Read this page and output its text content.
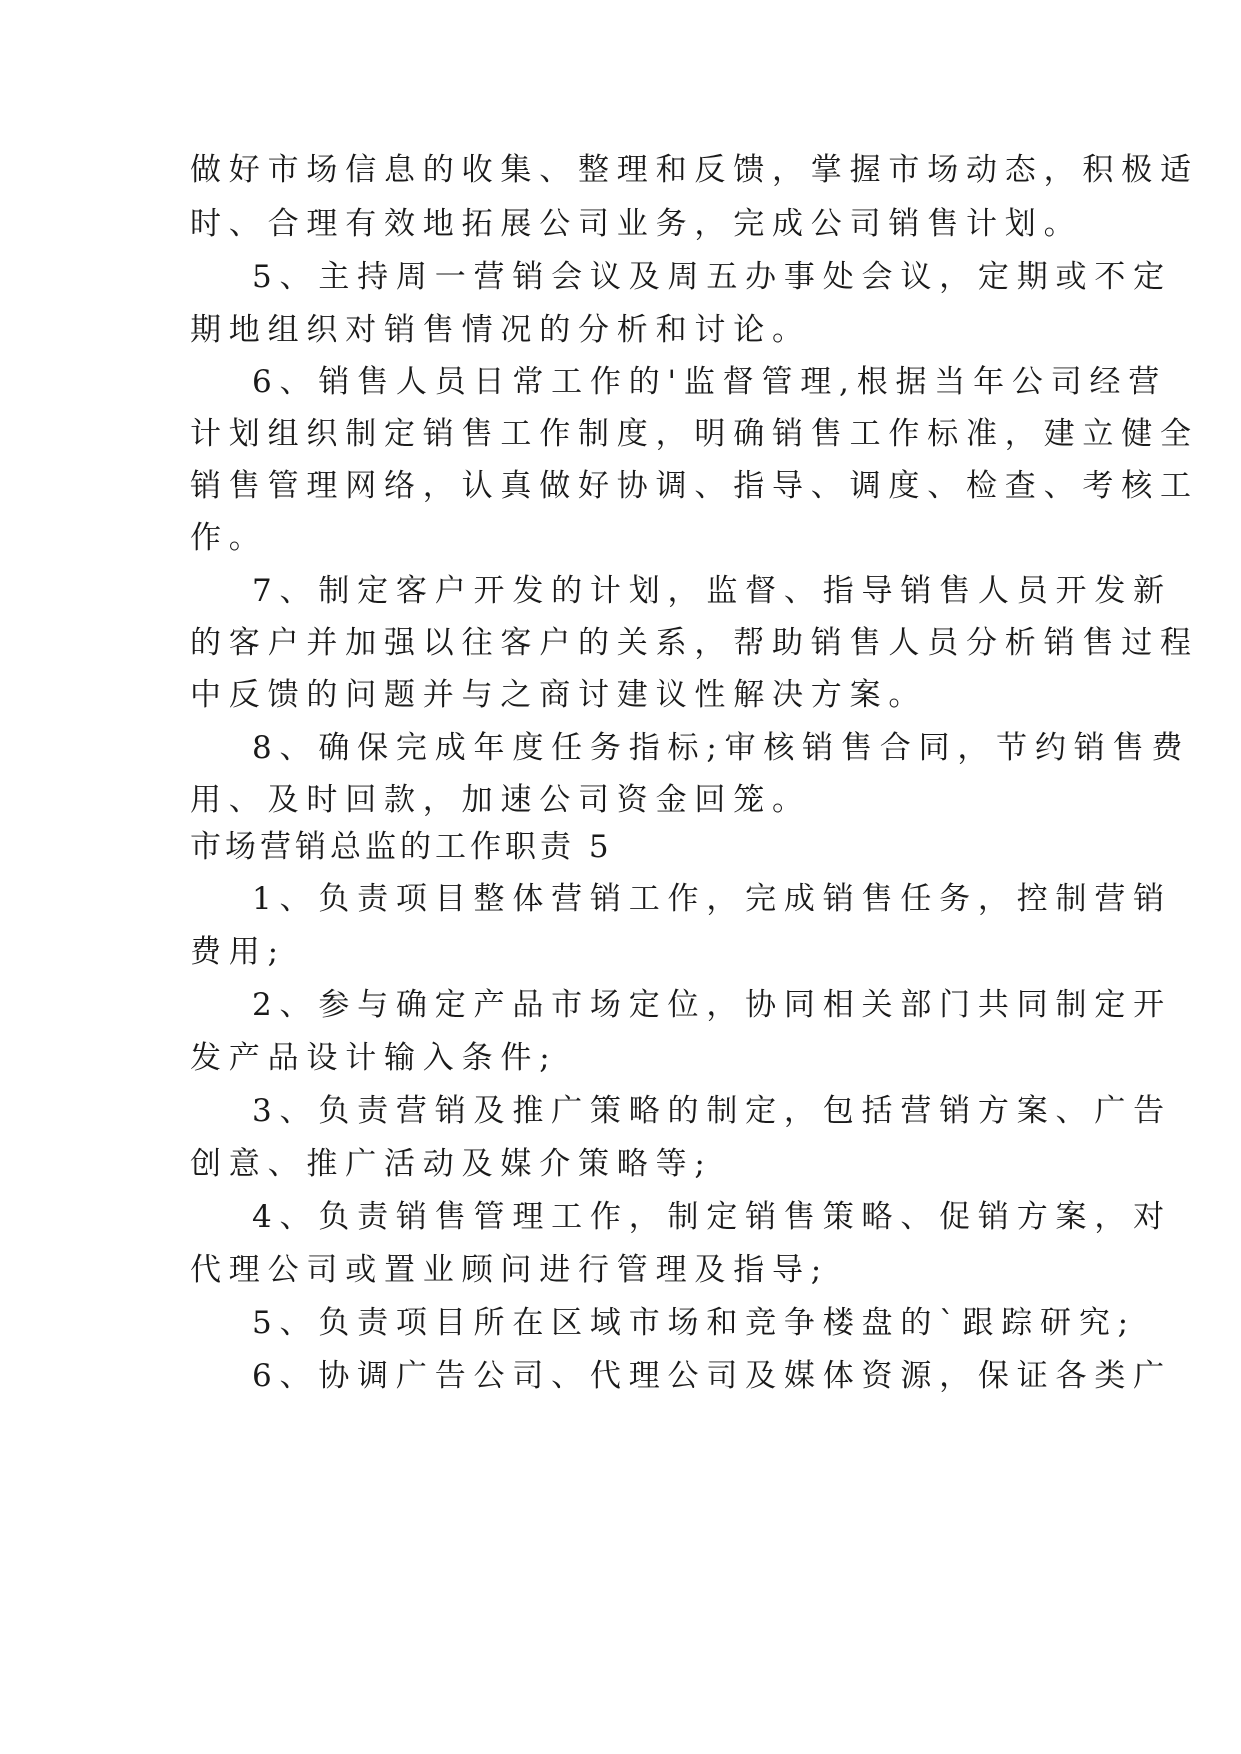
做好市场信息的收集、整理和反馈，掌握市场动态，积极适
时、合理有效地拓展公司业务，完成公司销售计划。
5、主持周一营销会议及周五办事处会议，定期或不定
期地组织对销售情况的分析和讨论。
6、销售人员日常工作的'监督管理,根据当年公司经营
计划组织制定销售工作制度，明确销售工作标准，建立健全
销售管理网络，认真做好协调、指导、调度、检查、考核工
作。
7、制定客户开发的计划，监督、指导销售人员开发新
的客户并加强以往客户的关系，帮助销售人员分析销售过程
中反馈的问题并与之商讨建议性解决方案。
8、确保完成年度任务指标;审核销售合同，节约销售费
用、及时回款，加速公司资金回笼。
市场营销总监的工作职责 5
1、负责项目整体营销工作，完成销售任务，控制营销
费用;
2、参与确定产品市场定位，协同相关部门共同制定开
发产品设计输入条件;
3、负责营销及推广策略的制定，包括营销方案、广告
创意、推广活动及媒介策略等;
4、负责销售管理工作，制定销售策略、促销方案，对
代理公司或置业顾问进行管理及指导;
5、负责项目所在区域市场和竞争楼盘的`跟踪研究;
6、协调广告公司、代理公司及媒体资源，保证各类广
